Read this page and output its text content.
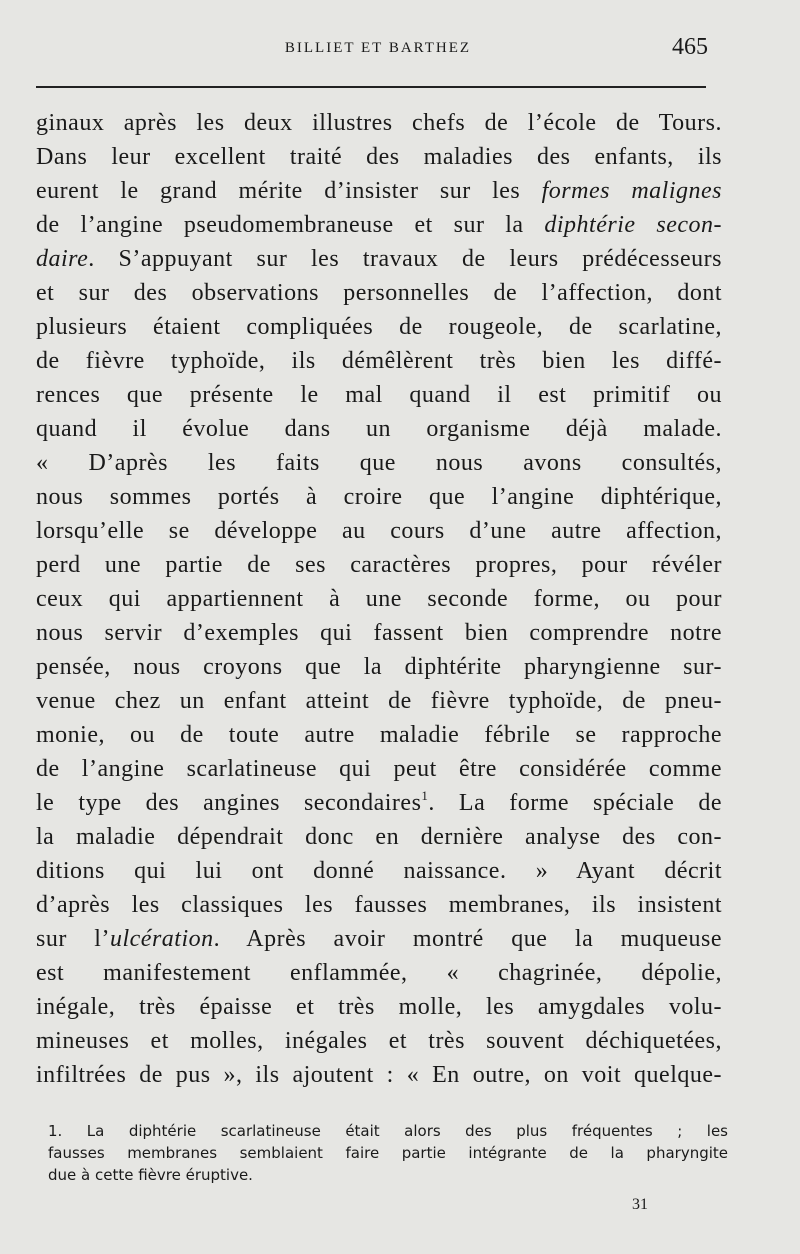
BILLIET ET BARTHEZ	465
ginaux après les deux illustres chefs de l’école de Tours.
Dans leur excellent traité des maladies des enfants, ils
eurent le grand mérite d’insister sur les formes malignes
de l’angine pseudomembraneuse et sur la diphtérie secon-
daire. S’appuyant sur les travaux de leurs prédécesseurs
et sur des observations personnelles de l’affection, dont
plusieurs étaient compliquées de rougeole, de scarlatine,
de fièvre typhoïde, ils démêlèrent très bien les diffé-
rences que présente le mal quand il est primitif ou
quand il évolue dans un organisme déjà malade.
« D’après les faits que nous avons consultés,
nous sommes portés à croire que l’angine diphtérique,
lorsqu’elle se développe au cours d’une autre affection,
perd une partie de ses caractères propres, pour révéler
ceux qui appartiennent à une seconde forme, ou pour
nous servir d’exemples qui fassent bien comprendre notre
pensée, nous croyons que la diphtérite pharyngienne sur-
venue chez un enfant atteint de fièvre typhoïde, de pneu-
monie, ou de toute autre maladie fébrile se rapproche
de l’angine scarlatineuse qui peut être considérée comme
le type des angines secondaires$^1$. La forme spéciale de
la maladie dépendrait donc en dernière analyse des con-
ditions qui lui ont donné naissance. » Ayant décrit
d’après les classiques les fausses membranes, ils insistent
sur l’ulcération. Après avoir montré que la muqueuse
est manifestement enflammée, « chagrinée, dépolie,
inégale, très épaisse et très molle, les amygdales volu-
mineuses et molles, inégales et très souvent déchiquetées,
infiltrées de pus », ils ajoutent : « En outre, on voit quelque-
1. La diphtérie scarlatineuse était alors des plus fréquentes ; les
fausses membranes semblaient faire partie intégrante de la pharyngite
due à cette fièvre éruptive.
31
